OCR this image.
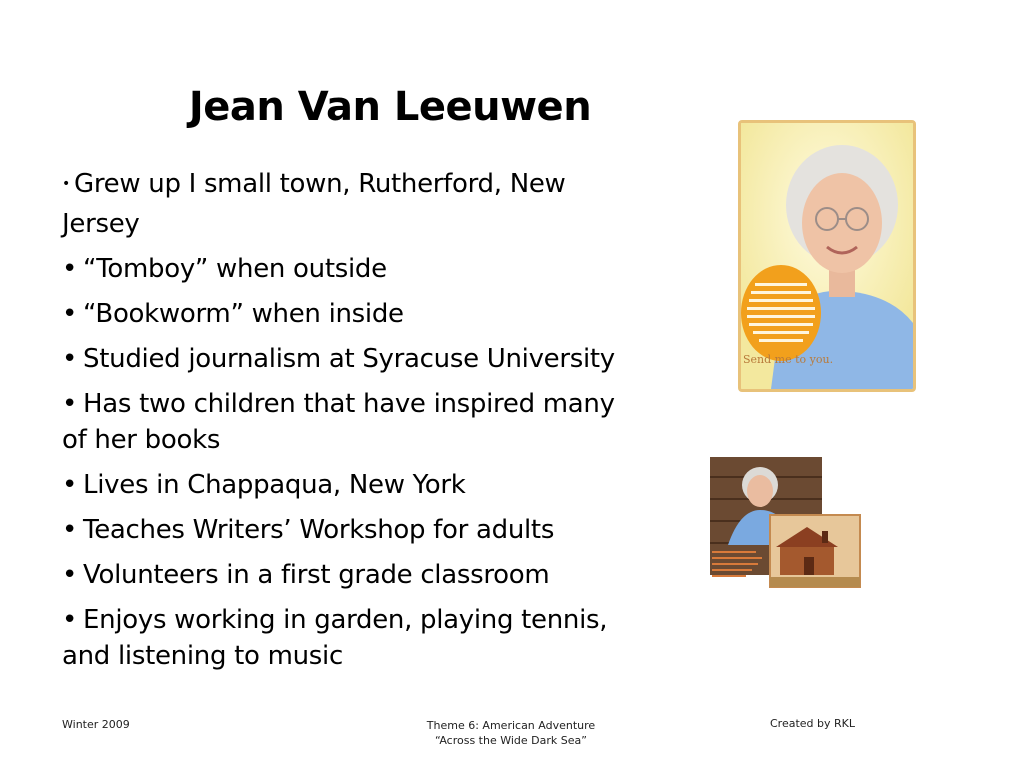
Jean Van Leeuwen
• Grew up I small town, Rutherford, New
Jersey
• “Tomboy” when outside
• “Bookworm” when inside
• Studied journalism at Syracuse University
• Has two children that have inspired many
of her books
• Lives in Chappaqua, New York
• Teaches Writers’ Workshop for adults
• Volunteers in a first grade classroom
• Enjoys working in garden, playing tennis,
and listening to music
Send me to you.
Winter 2009	Theme 6: American Adventure
“Across the Wide Dark Sea”
Created by RKL
